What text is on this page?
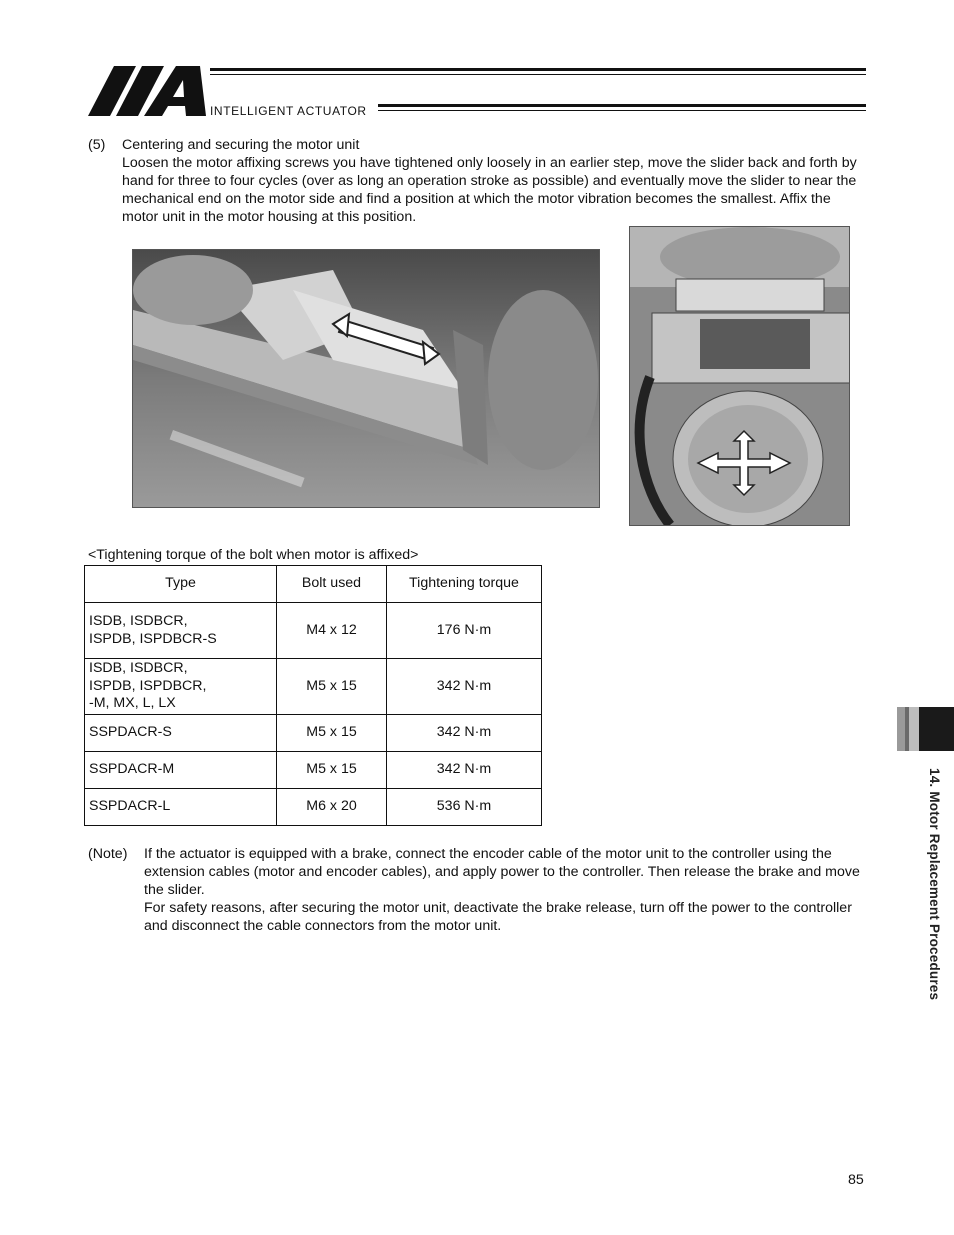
INTELLIGENT ACTUATOR
(5) Centering and securing the motor unit
Loosen the motor affixing screws you have tightened only loosely in an earlier step, move the slider back and forth by hand for three to four cycles (over as long an operation stroke as possible) and eventually move the slider to near the mechanical end on the motor side and find a position at which the motor vibration becomes the smallest. Affix the motor unit in the motor housing at this position.
<Tightening torque of the bolt when motor is affixed>
Type	Bolt used	Tightening torque
ISDB, ISDBCR,
ISPDB, ISPDBCR-S	M4 x 12	176 N·m
ISDB, ISDBCR,
ISPDB, ISPDBCR,
-M, MX, L, LX	M5 x 15	342 N·m
SSPDACR-S	M5 x 15	342 N·m
SSPDACR-M	M5 x 15	342 N·m
SSPDACR-L	M6 x 20	536 N·m
(Note) If the actuator is equipped with a brake, connect the encoder cable of the motor unit to the controller using the extension cables (motor and encoder cables), and apply power to the controller. Then release the brake and move the slider.
For safety reasons, after securing the motor unit, deactivate the brake release, turn off the power to the controller and disconnect the cable connectors from the motor unit.	14. Motor Replacement Procedures
85
